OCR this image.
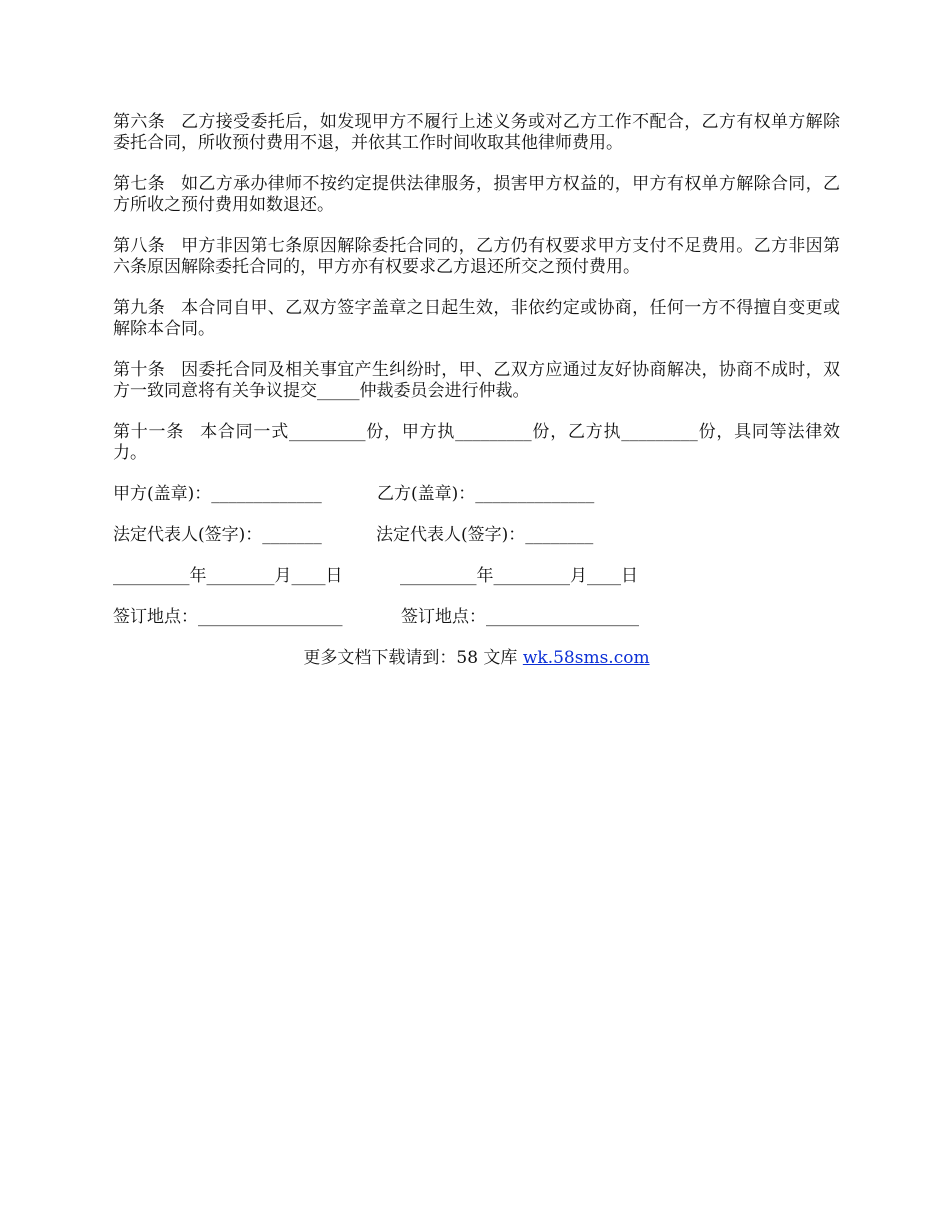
第六条 乙方接受委托后，如发现甲方不履行上述义务或对乙方工作不配合，乙方有权单方解除委托合同，所收预付费用不退，并依其工作时间收取其他律师费用。

第七条 如乙方承办律师不按约定提供法律服务，损害甲方权益的，甲方有权单方解除合同，乙方所收之预付费用如数退还。

第八条 甲方非因第七条原因解除委托合同的，乙方仍有权要求甲方支付不足费用。乙方非因第六条原因解除委托合同的，甲方亦有权要求乙方退还所交之预付费用。

第九条 本合同自甲、乙双方签字盖章之日起生效，非依约定或协商，任何一方不得擅自变更或解除本合同。

第十条 因委托合同及相关事宜产生纠纷时，甲、乙双方应通过友好协商解决，协商不成时，双方一致同意将有关争议提交_____仲裁委员会进行仲裁。

第十一条 本合同一式_________份，甲方执_________份，乙方执_________份，具同等法律效力。

甲方(盖章)：_____________	乙方(盖章)：______________
法定代表人(签字)：_______	法定代表人(签字)：________
_________年________月____日	_________年_________月____日
签订地点：_________________	签订地点：__________________
更多文档下载请到：58 文库 wk.58sms.com
